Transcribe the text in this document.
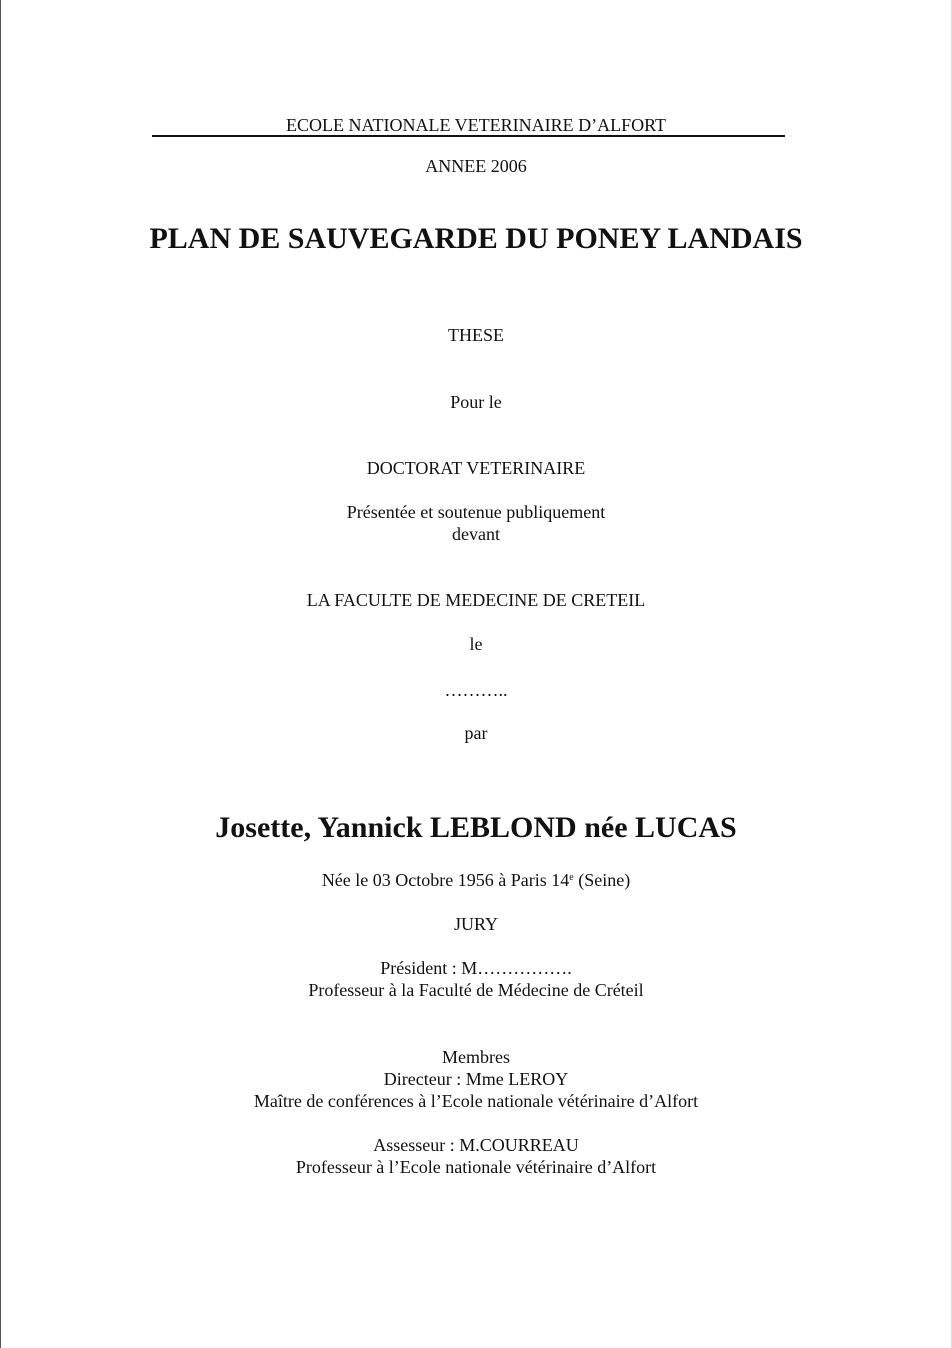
ECOLE NATIONALE VETERINAIRE D’ALFORT
ANNEE 2006
PLAN DE SAUVEGARDE DU PONEY LANDAIS
THESE
Pour le
DOCTORAT VETERINAIRE
Présentée et soutenue publiquement
devant
LA FACULTE DE MEDECINE DE CRETEIL
le
………..
par
Josette, Yannick LEBLOND née LUCAS
Née le 03 Octobre 1956 à Paris 14e (Seine)
JURY
Président : M…………….
Professeur à la Faculté de Médecine de Créteil
Membres
Directeur : Mme LEROY
Maître de conférences à l’Ecole nationale vétérinaire d’Alfort
Assesseur : M.COURREAU
Professeur à l’Ecole nationale vétérinaire d’Alfort
